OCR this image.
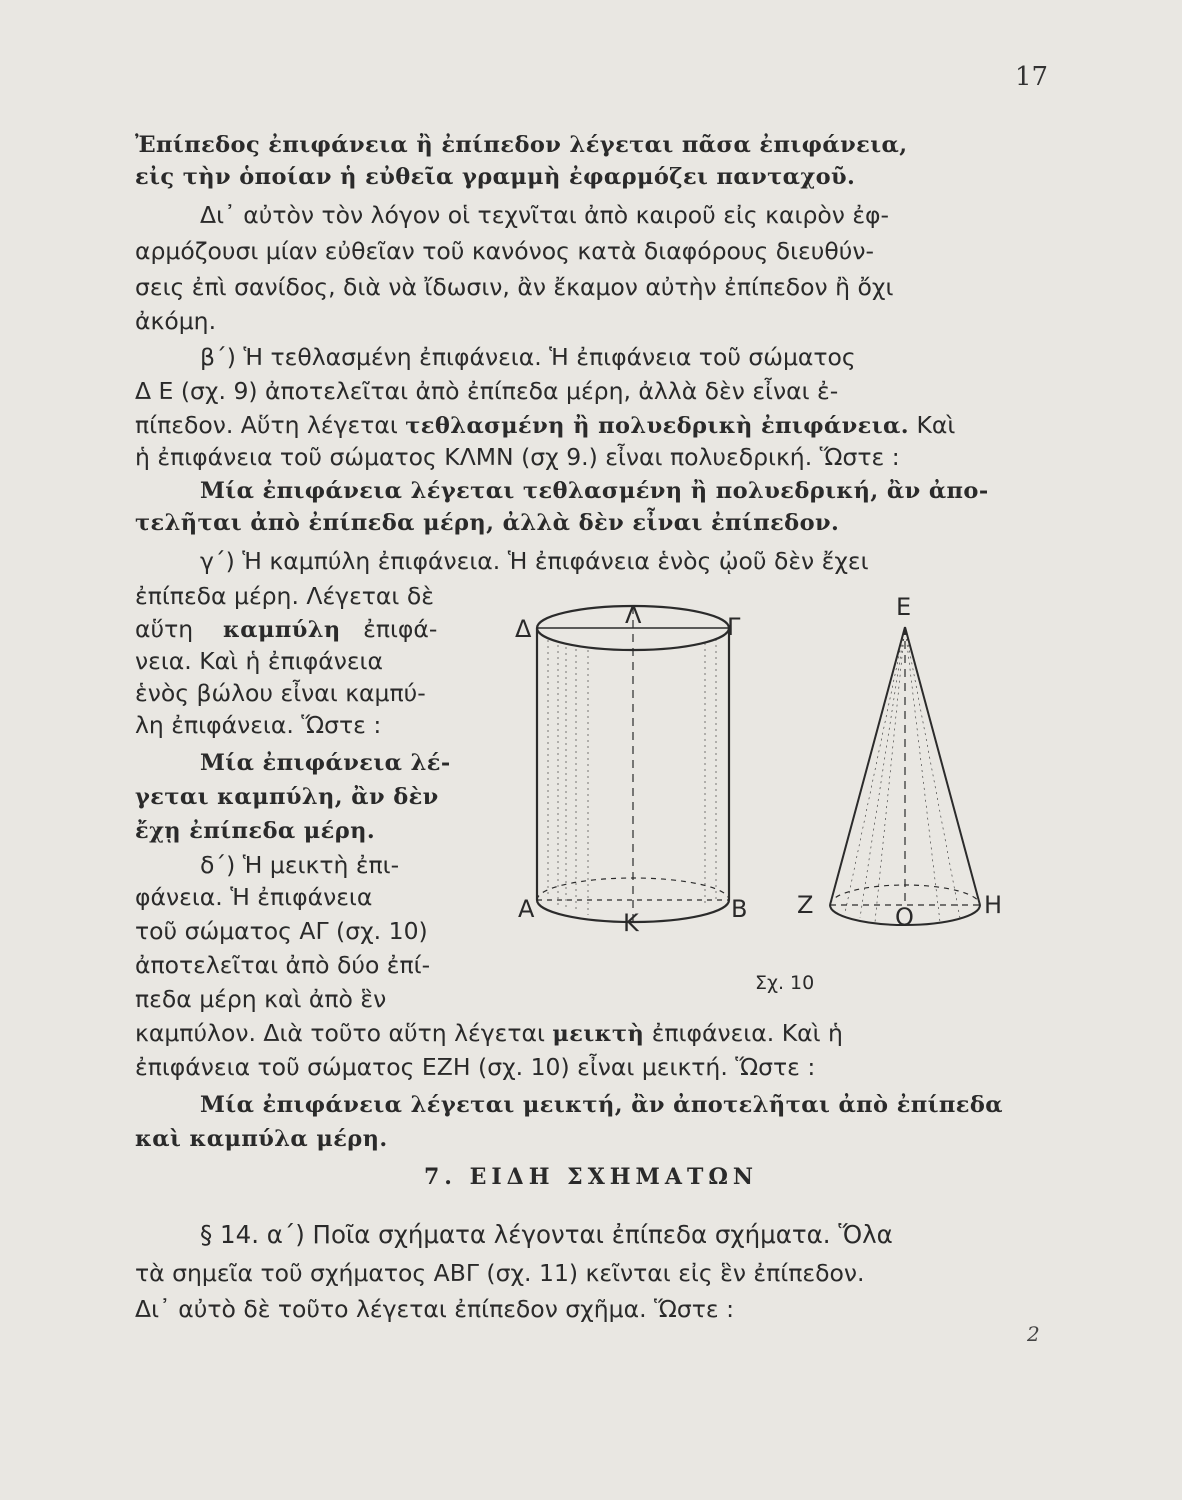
17
Ἐπίπεδος ἐπιφάνεια ἢ ἐπίπεδον λέγεται πᾶσα ἐπιφάνεια,
εἰς τὴν ὁποίαν ἡ εὐθεῖα γραμμὴ ἐφαρμόζει πανταχοῦ.
Δι᾽ αὐτὸν τὸν λόγον οἱ τεχνῖται ἀπὸ καιροῦ εἰς καιρὸν ἐφ-
αρμόζουσι μίαν εὐθεῖαν τοῦ κανόνος κατὰ διαφόρους διευθύν-
σεις ἐπὶ σανίδος, διὰ νὰ ἴδωσιν, ἂν ἔκαμον αὐτὴν ἐπίπεδον ἢ ὄχι
ἀκόμη.
β΄) Ἡ τεθλασμένη ἐπιφάνεια. Ἡ ἐπιφάνεια τοῦ σώματος
Δ Ε (σχ. 9) ἀποτελεῖται ἀπὸ ἐπίπεδα μέρη, ἀλλὰ δὲν εἶναι ἐ-
πίπεδον. Αὕτη λέγεται τεθλασμένη ἢ πολυεδρικὴ ἐπιφάνεια. Καὶ
ἡ ἐπιφάνεια τοῦ σώματος ΚΛΜΝ (σχ 9.) εἶναι πολυεδρική. Ὥστε :
Μία ἐπιφάνεια λέγεται τεθλασμένη ἢ πολυεδρική, ἂν ἀπο-
τελῆται ἀπὸ ἐπίπεδα μέρη, ἀλλὰ δὲν εἶναι ἐπίπεδον.
γ΄) Ἡ καμπύλη ἐπιφάνεια. Ἡ ἐπιφάνεια ἑνὸς ᾠοῦ δὲν ἔχει
ἐπίπεδα μέρη. Λέγεται δὲ
αὕτη καμπύλη ἐπιφά-
νεια. Καὶ ἡ ἐπιφάνεια
ἑνὸς βώλου εἶναι καμπύ-
λη ἐπιφάνεια. Ὥστε :
Μία ἐπιφάνεια λέ-
γεται καμπύλη, ἂν δὲν
ἔχῃ ἐπίπεδα μέρη.
δ΄) Ἡ μεικτὴ ἐπι-
φάνεια. Ἡ ἐπιφάνεια
τοῦ σώματος ΑΓ (σχ. 10)
ἀποτελεῖται ἀπὸ δύο ἐπί-
πεδα μέρη καὶ ἀπὸ ἓν
Δ	Λ	Γ
Α	Κ	Β
Ε
Ζ	Ο	Η
Σχ. 10
καμπύλον. Διὰ τοῦτο αὕτη λέγεται μεικτὴ ἐπιφάνεια. Καὶ ἡ
ἐπιφάνεια τοῦ σώματος ΕΖΗ (σχ. 10) εἶναι μεικτή. Ὥστε :
Μία ἐπιφάνεια λέγεται μεικτή, ἂν ἀποτελῆται ἀπὸ ἐπίπεδα
καὶ καμπύλα μέρη.
7. ΕΙΔΗ ΣΧΗΜΑΤΩΝ
§ 14. α΄) Ποῖα σχήματα λέγονται ἐπίπεδα σχήματα. Ὅλα
τὰ σημεῖα τοῦ σχήματος ΑΒΓ (σχ. 11) κεῖνται εἰς ἓν ἐπίπεδον.
Δι᾽ αὐτὸ δὲ τοῦτο λέγεται ἐπίπεδον σχῆμα. Ὥστε :
2
